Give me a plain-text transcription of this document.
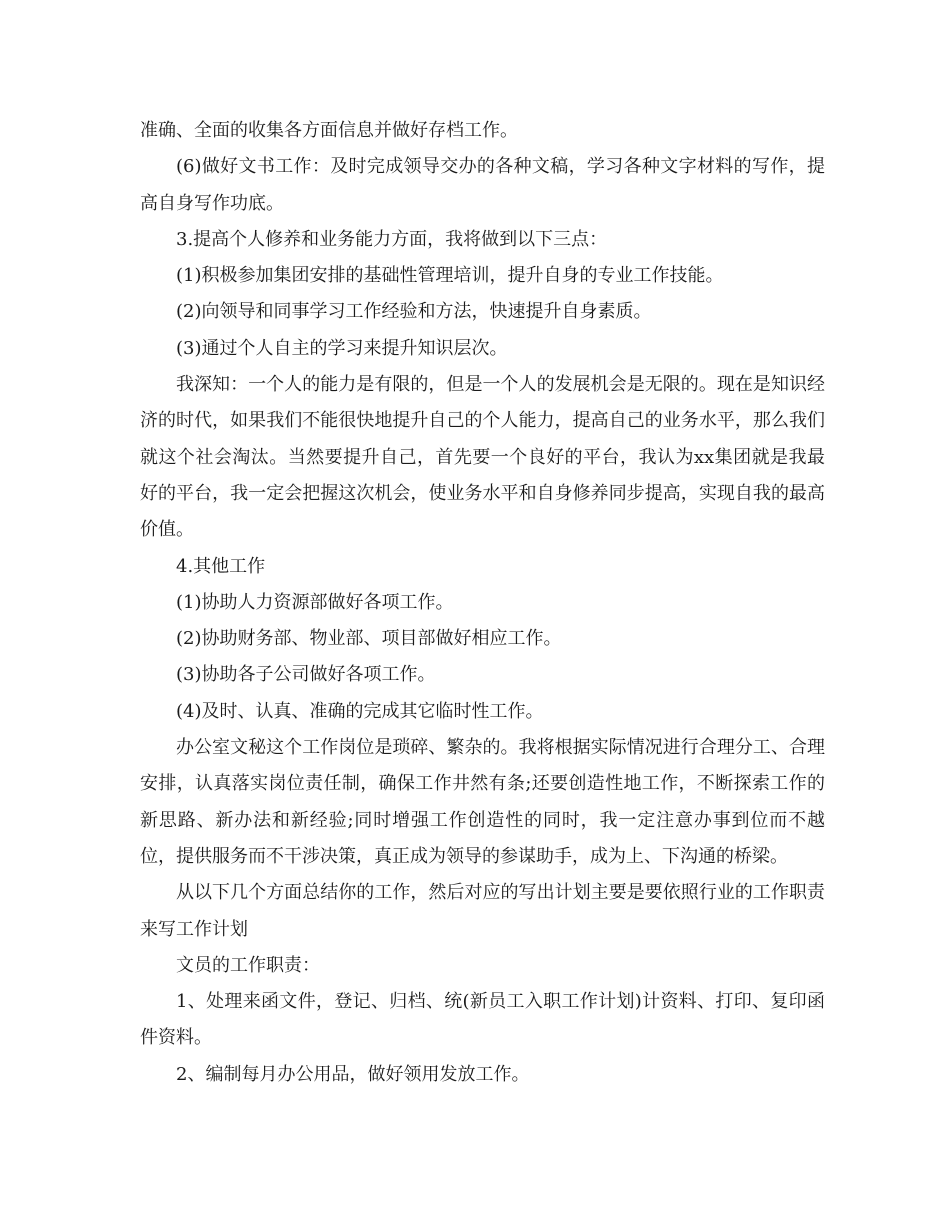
准确、全面的收集各方面信息并做好存档工作。

(6)做好文书工作：及时完成领导交办的各种文稿，学习各种文字材料的写作，提高自身写作功底。

3.提高个人修养和业务能力方面，我将做到以下三点：

(1)积极参加集团安排的基础性管理培训，提升自身的专业工作技能。

(2)向领导和同事学习工作经验和方法，快速提升自身素质。

(3)通过个人自主的学习来提升知识层次。

我深知：一个人的能力是有限的，但是一个人的发展机会是无限的。现在是知识经济的时代，如果我们不能很快地提升自己的个人能力，提高自己的业务水平，那么我们就这个社会淘汰。当然要提升自己，首先要一个良好的平台，我认为xx集团就是我最好的平台，我一定会把握这次机会，使业务水平和自身修养同步提高，实现自我的最高价值。

4.其他工作

(1)协助人力资源部做好各项工作。

(2)协助财务部、物业部、项目部做好相应工作。

(3)协助各子公司做好各项工作。

(4)及时、认真、准确的完成其它临时性工作。

办公室文秘这个工作岗位是琐碎、繁杂的。我将根据实际情况进行合理分工、合理安排，认真落实岗位责任制，确保工作井然有条;还要创造性地工作，不断探索工作的新思路、新办法和新经验;同时增强工作创造性的同时，我一定注意办事到位而不越位，提供服务而不干涉决策，真正成为领导的参谋助手，成为上、下沟通的桥梁。

从以下几个方面总结你的工作，然后对应的写出计划主要是要依照行业的工作职责来写工作计划

文员的工作职责：

1、处理来函文件，登记、归档、统(新员工入职工作计划)计资料、打印、复印函件资料。

2、编制每月办公用品，做好领用发放工作。
